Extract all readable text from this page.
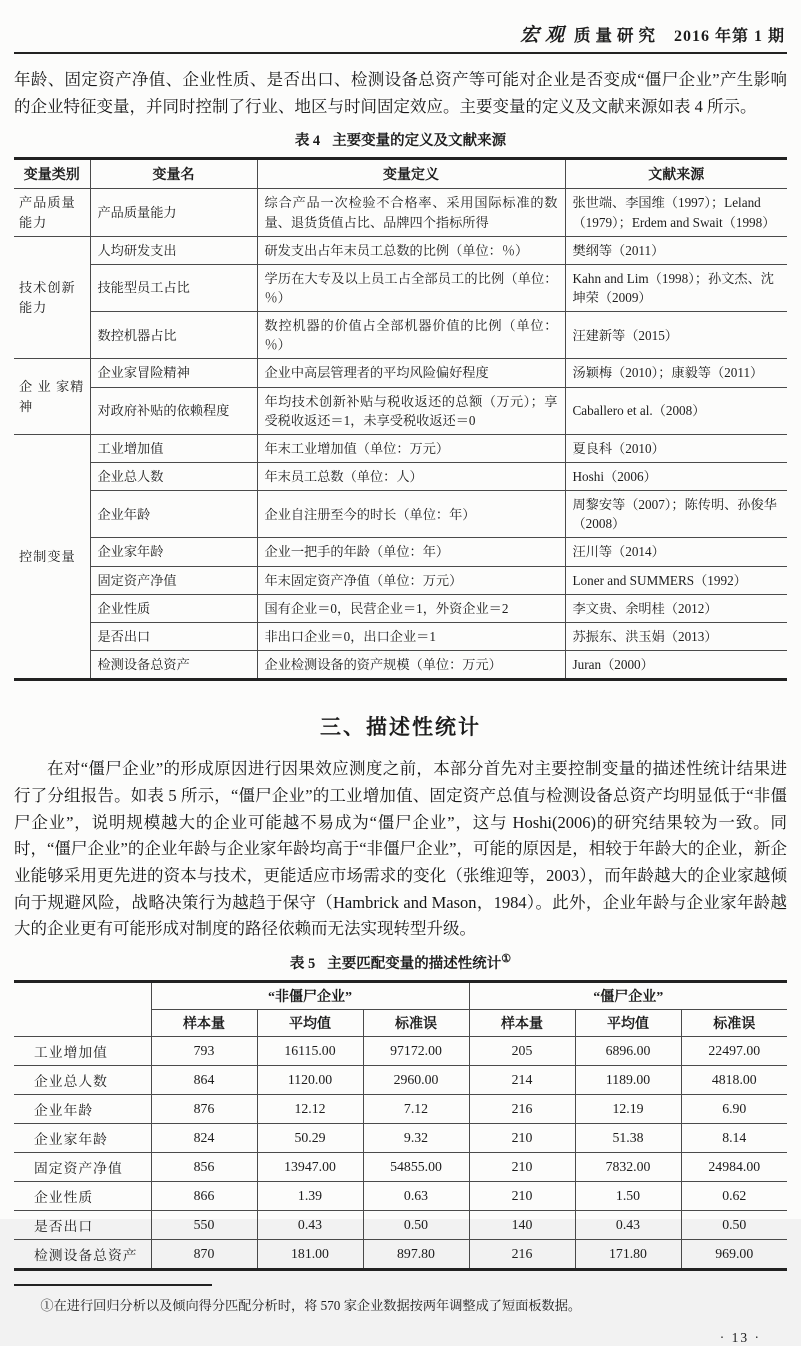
宏观 质量研究 2016 年第 1 期

年龄、固定资产净值、企业性质、是否出口、检测设备总资产等可能对企业是否变成“僵尸企业”产生影响的企业特征变量，并同时控制了行业、地区与时间固定效应。主要变量的定义及文献来源如表 4 所示。

表 4 主要变量的定义及文献来源
变量类别	变量名	变量定义	文献来源
产品质量能力	产品质量能力	综合产品一次检验不合格率、采用国际标准的数量、退货货值占比、品牌四个指标所得	张世端、李国维（1997）；Leland（1979）；Erdem and Swait（1998）
技术创新能力	人均研发支出	研发支出占年末员工总数的比例（单位：％）	樊纲等（2011）
	技能型员工占比	学历在大专及以上员工占全部员工的比例（单位：％）	Kahn and Lim（1998）；孙文杰、沈坤荣（2009）
	数控机器占比	数控机器的价值占全部机器价值的比例（单位：％）	汪建新等（2015）
企 业 家精神	企业家冒险精神	企业中高层管理者的平均风险偏好程度	汤颖梅（2010）；康毅等（2011）
	对政府补贴的依赖程度	年均技术创新补贴与税收返还的总额（万元）；享受税收返还＝1，未享受税收返还＝0	Caballero et al.（2008）
控制变量	工业增加值	年末工业增加值（单位：万元）	夏良科（2010）
	企业总人数	年末员工总数（单位：人）	Hoshi（2006）
	企业年龄	企业自注册至今的时长（单位：年）	周黎安等（2007）；陈传明、孙俊华（2008）
	企业家年龄	企业一把手的年龄（单位：年）	汪川等（2014）
	固定资产净值	年末固定资产净值（单位：万元）	Loner and SUMMERS（1992）
	企业性质	国有企业＝0，民营企业＝1，外资企业＝2	李文贵、余明桂（2012）
	是否出口	非出口企业＝0，出口企业＝1	苏振东、洪玉娟（2013）
	检测设备总资产	企业检测设备的资产规模（单位：万元）	Juran（2000）
三、描述性统计

在对“僵尸企业”的形成原因进行因果效应测度之前，本部分首先对主要控制变量的描述性统计结果进行了分组报告。如表 5 所示，“僵尸企业”的工业增加值、固定资产总值与检测设备总资产均明显低于“非僵尸企业”，说明规模越大的企业可能越不易成为“僵尸企业”，这与 Hoshi(2006)的研究结果较为一致。同时，“僵尸企业”的企业年龄与企业家年龄均高于“非僵尸企业”，可能的原因是，相较于年龄大的企业，新企业能够采用更先进的资本与技术，更能适应市场需求的变化（张维迎等，2003），而年龄越大的企业家越倾向于规避风险，战略决策行为越趋于保守（Hambrick and Mason，1984）。此外，企业年龄与企业家年龄越大的企业更有可能形成对制度的路径依赖而无法实现转型升级。

表 5 主要匹配变量的描述性统计①
	“非僵尸企业”			“僵尸企业”		
	样本量	平均值	标准误	样本量	平均值	标准误
工业增加值	793	16115.00	97172.00	205	6896.00	22497.00
企业总人数	864	1120.00	2960.00	214	1189.00	4818.00
企业年龄	876	12.12	7.12	216	12.19	6.90
企业家年龄	824	50.29	9.32	210	51.38	8.14
固定资产净值	856	13947.00	54855.00	210	7832.00	24984.00
企业性质	866	1.39	0.63	210	1.50	0.62
是否出口	550	0.43	0.50	140	0.43	0.50
检测设备总资产	870	181.00	897.80	216	171.80	969.00

①在进行回归分析以及倾向得分匹配分析时，将 570 家企业数据按两年调整成了短面板数据。

· 13 ·
